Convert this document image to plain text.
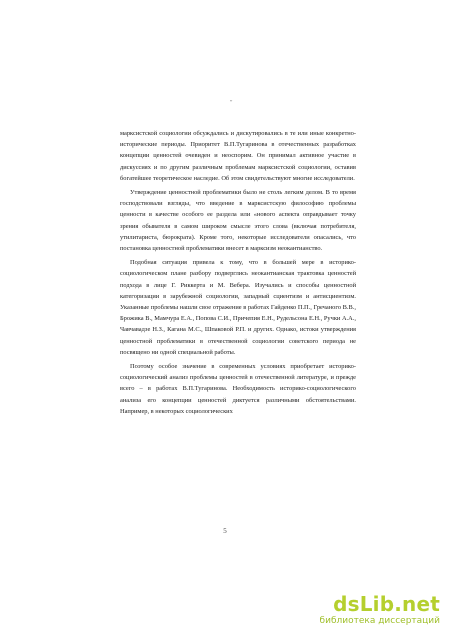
″

марксистской социологии обсуждались и дискутировались в те или иные конкретно-исторические периоды. Приоритет В.П.Тугаринова в отечественных разработках концепции ценностей очевиден и неоспорим. Он принимал активное участие в дискуссиях и по другим различным проблемам марксистской социологии, оставив богатейшее теоретическое наследие. Об этом свидетельствуют многие исследователи.

Утверждение ценностной проблематики было не столь легким делом. В то время господствовали взгляды, что введение в марксистскую философию проблемы ценности в качестве особого ее раздела или «нового аспекта оправдывает точку зрения обывателя в самом широком смысле этого слова (включая потребителя, утилитариста, бюрократа). Кроме того, некоторые исследователи опасались, что постановка ценностной проблематики внесет в марксизм неокантианство.

Подобная ситуация привела к тому, что в большей мере в историко-социологическом плане разбору подверглись неокантианская трактовка ценностей подхода в лице Г. Риккерта и М. Вебера. Изучались и способы ценностной категоризации в зарубежной социологии, западный сциентизм и антисциентизм. Указанные проблемы нашли свое отражение в работах Гайденко П.П., Гречаного В.В., Брожика В., Мамчура Е.А., Попова С.И., Причепия Е.Н., Рудельсона Е.Н., Ручки А.А., Чавчавадзе Н.З., Кагана М.С., Шпаковой Р.П. и других. Однако, истоки утверждения ценностной проблематики в отечественной социологии советского периода не посвящено ни одной специальной работы.

Поэтому особое значение в современных условиях приобретает историко-социологический анализ проблемы ценностей в отечественной литературе, и прежде всего – в работах В.П.Тугаринова. Необходимость историко-социологического анализа его концепции ценностей диктуется различными обстоятельствами. Например, в некоторых социологических

5
dsLib.net
библиотека диссертаций
